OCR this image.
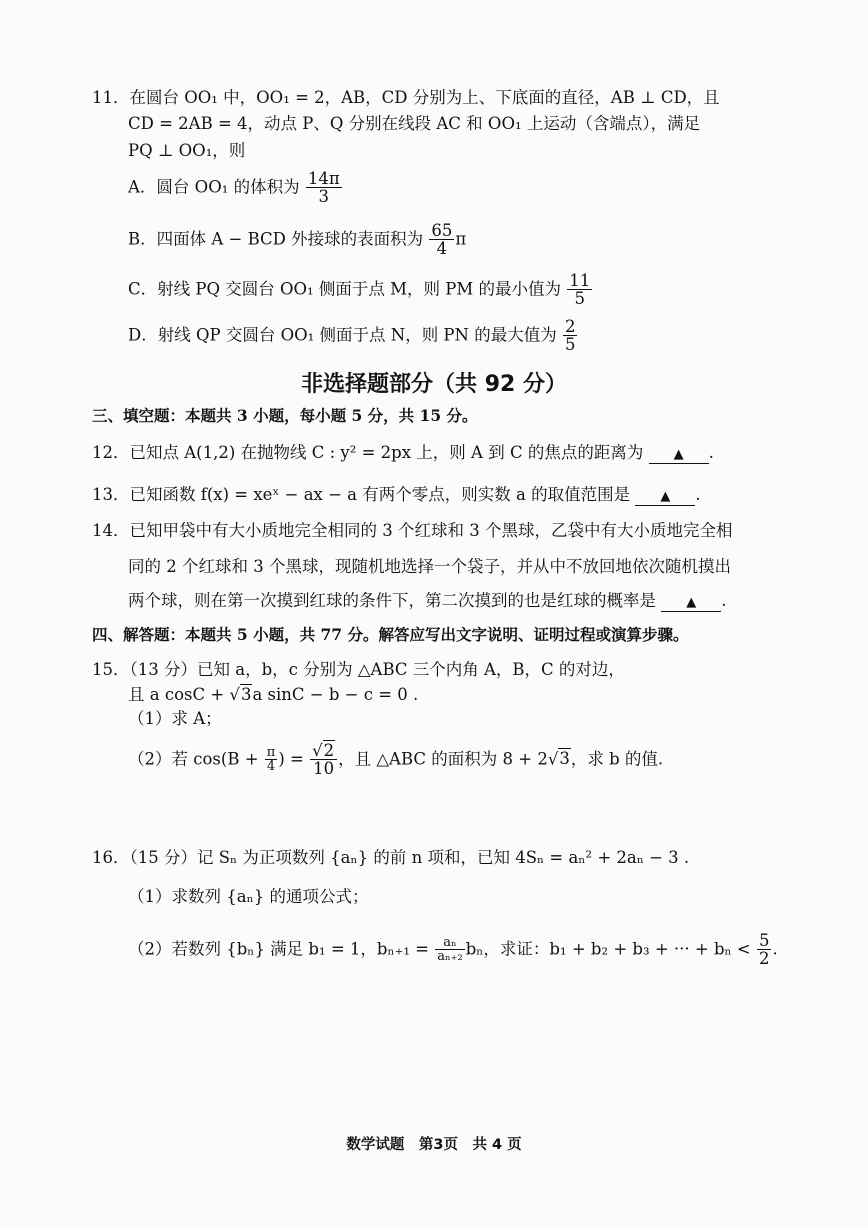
11．在圆台 OO₁ 中，OO₁ = 2，AB，CD 分别为上、下底面的直径，AB ⊥ CD，且
CD = 2AB = 4，动点 P、Q 分别在线段 AC 和 OO₁ 上运动（含端点），满足
PQ ⊥ OO₁，则
A．圆台 OO₁ 的体积为 $\frac{14\pi}{3}$
B．四面体 A − BCD 外接球的表面积为 $\frac{65}{4}$ π
C．射线 PQ 交圆台 OO₁ 侧面于点 M，则 PM 的最小值为 $\frac{11}{5}$
D．射线 QP 交圆台 OO₁ 侧面于点 N，则 PN 的最大值为 $\frac{2}{5}$
非选择题部分（共 92 分）
三、填空题：本题共 3 小题，每小题 5 分，共 15 分。
12．已知点 A(1,2) 在抛物线 C : y² = 2px 上，则 A 到 C 的焦点的距离为 ▲ .
13．已知函数 f(x) = xeˣ − ax − a 有两个零点，则实数 a 的取值范围是 ▲ .
14．已知甲袋中有大小质地完全相同的 3 个红球和 3 个黑球，乙袋中有大小质地完全相
同的 2 个红球和 3 个黑球，现随机地选择一个袋子，并从中不放回地依次随机摸出
两个球，则在第一次摸到红球的条件下，第二次摸到的也是红球的概率是 ▲ .
四、解答题：本题共 5 小题，共 77 分。解答应写出文字说明、证明过程或演算步骤。
15．（13 分）已知 a，b，c 分别为 △ABC 三个内角 A，B，C 的对边，
且 a cosC + √3a sinC − b − c = 0 .
（1）求 A；
（2）若 $\cos(B + \frac{\pi}{4}$ ) = $\frac{√2}{10}$ ，且 △ABC 的面积为 8 + 2√3，求 b 的值.
16．（15 分）记 Sₙ 为正项数列 {aₙ} 的前 n 项和，已知 4Sₙ = aₙ² + 2aₙ − 3 .
（1）求数列 {aₙ} 的通项公式；
（2）若数列 {bₙ} 满足 b₁ = 1，$b_{n+1} = \frac{\text{aₙ}}{\text{aₙ₊₂}}$ bₙ，求证：b₁ + b₂ + b₃ + ··· + $b_n < \frac{5}{2}$ .
数学试题　第3页　共 4 页
